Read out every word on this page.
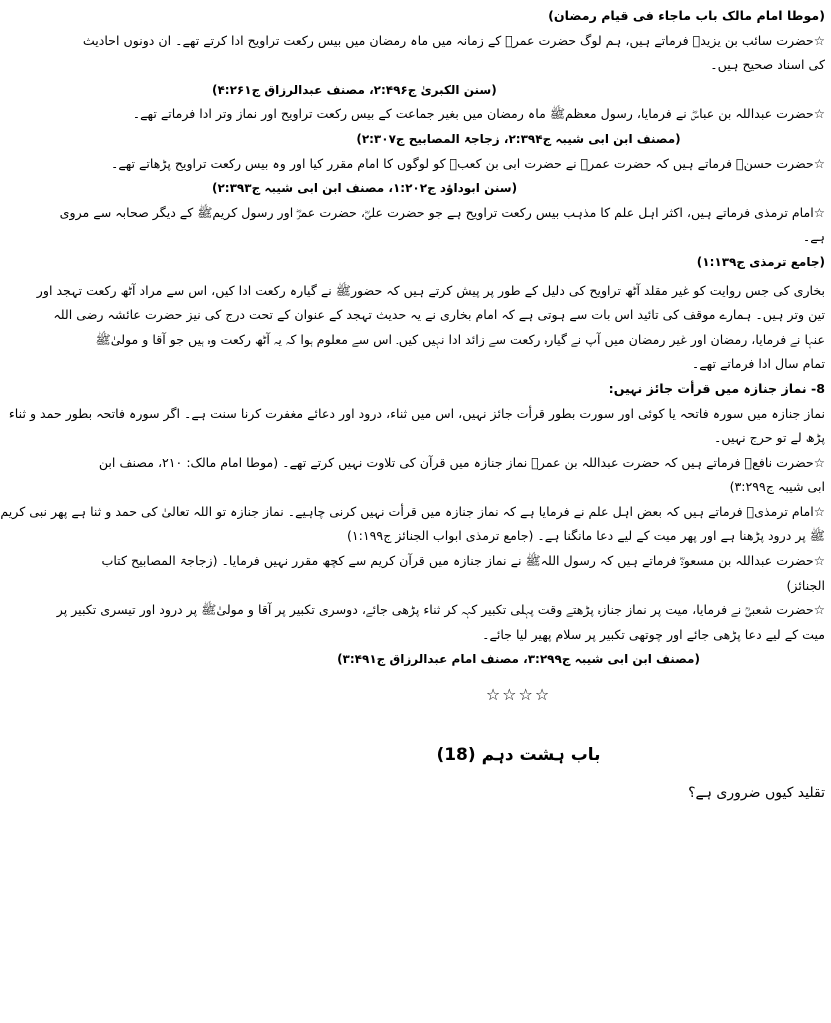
(موطا امام مالک باب ماجاء فی قیام رمضان)
☆حضرت سائب بن یزیدؓ فرماتے ہیں، ہم لوگ حضرت عمرؓ کے زمانہ میں ماہ رمضان میں بیس رکعت تراویح ادا کرتے تھے۔ ان دونوں احادیث
کی اسناد صحیح ہیں۔
(سنن الکبریٰ ج۲:۴۹۶، مصنف عبدالرزاق ج۴:۲۶۱)
☆حضرت عبداللہ بن عباسؓ نے فرمایا، رسول معظمﷺ ماہ رمضان میں بغیر جماعت کے بیس رکعت تراویح اور نماز وتر ادا فرماتے تھے۔
(مصنف ابن ابی شیبہ ج۲:۳۹۴، زجاجۃ المصابیح ج۲:۳۰۷)
☆حضرت حسنؓ فرماتے ہیں کہ حضرت عمرؓ نے حضرت ابی بن کعبؓ کو لوگوں کا امام مقرر کیا اور وہ بیس رکعت تراویح پڑھاتے تھے۔
(سنن ابوداؤد ج۱:۲۰۲، مصنف ابن ابی شیبہ ج۲:۳۹۳)
☆امام ترمذی فرماتے ہیں، اکثر اہل علم کا مذہب بیس رکعت تراویح ہے جو حضرت علیؓ، حضرت عمرؓ اور رسول کریمﷺ کے دیگر صحابہ سے مروی
ہے۔
(جامع ترمذی ج۱:۱۳۹)
بخاری کی جس روایت کو غیر مقلد آٹھ تراویح کی دلیل کے طور پر پیش کرتے ہیں کہ حضورﷺ نے گیارہ رکعت ادا کیں، اس سے مراد آٹھ رکعت تہجد اور
تین وتر ہیں۔ ہمارے موقف کی تائید اس بات سے ہوتی ہے کہ امام بخاری نے یہ حدیث تہجد کے عنوان کے تحت درج کی نیز حضرت عائشہ رضی اللہ
عنہا نے فرمایا، رمضان اور غیر رمضان میں آپ نے گیارہ رکعت سے زائد ادا نہیں کیں۔ اس سے معلوم ہوا کہ یہ آٹھ رکعت وہ ہیں جو آقا و مولیٰﷺ
تمام سال ادا فرماتے تھے۔
8- نماز جنازہ میں قرأت جائز نہیں:
نماز جنازہ میں سورہ فاتحہ یا کوئی اور سورت بطور قرأت جائز نہیں، اس میں ثناء، درود اور دعائے مغفرت کرنا سنت ہے۔ اگر سورہ فاتحہ بطور حمد و ثناء
پڑھ لے تو حرج نہیں۔
☆حضرت نافعؓ فرماتے ہیں کہ حضرت عبداللہ بن عمرؓ نماز جنازہ میں قرآن کی تلاوت نہیں کرتے تھے۔ (موطا امام مالک: ۲۱۰، مصنف ابن
ابی شیبہ ج۳:۲۹۹)
☆امام ترمذیؒ فرماتے ہیں کہ بعض اہل علم نے فرمایا ہے کہ نماز جنازہ میں قرأت نہیں کرنی چاہیے۔ نماز جنازہ تو اللہ تعالیٰ کی حمد و ثنا ہے پھر نبی کریم
ﷺ پر درود پڑھنا ہے اور پھر میت کے لیے دعا مانگنا ہے۔ (جامع ترمذی ابواب الجنائز ج۱:۱۹۹)
☆حضرت عبداللہ بن مسعودؓ فرماتے ہیں کہ رسول اللہﷺ نے نماز جنازہ میں قرآن کریم سے کچھ مقرر نہیں فرمایا۔ (زجاجۃ المصابیح کتاب
الجنائز)
☆حضرت شعبیؒ نے فرمایا، میت پر نماز جنازہ پڑھتے وقت پہلی تکبیر کہہ کر ثناء پڑھی جائے، دوسری تکبیر پر آقا و مولیٰﷺ پر درود اور تیسری تکبیر پر
میت کے لیے دعا پڑھی جائے اور چوتھی تکبیر پر سلام پھیر لیا جائے۔
(مصنف ابن ابی شیبہ ج۳:۲۹۹، مصنف امام عبدالرزاق ج۳:۴۹۱)
☆☆☆☆
باب ہشت دہم (18)
تقلید کیوں ضروری ہے؟
